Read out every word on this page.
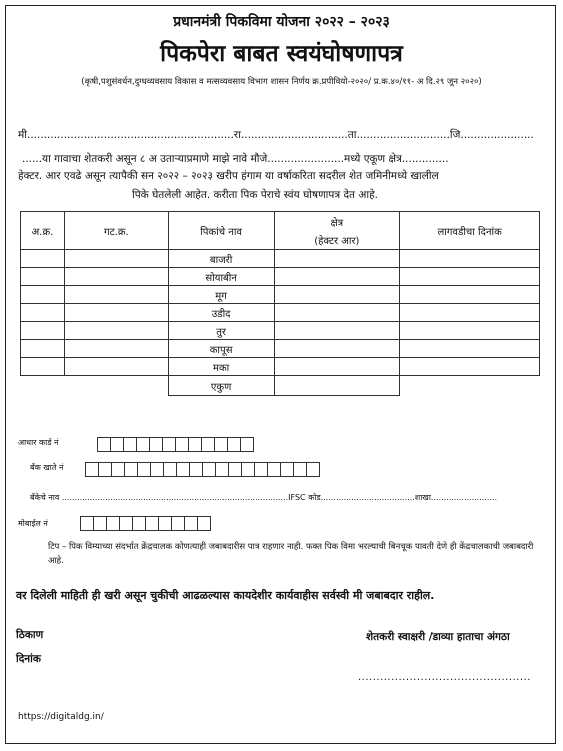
प्रधानमंत्री पिकविमा योजना २०२२ – २०२३
पिकपेरा बाबत स्वयंघोषणापत्र
(कृषी,पशुसंवर्धन,दुग्धव्यवसाय विकास व मत्सव्यवसाय विभाग शासन निर्णय क्र.प्रपीवियो-२०२०/ प्र.क.४०/११- अ दि.२९ जून २०२०)
मी..............................................................रा................................ता............................जि......................
......या गावाचा शेतकरी असून ८ अ उताऱ्याप्रमाणे माझे नावे मौजे.......................मध्ये एकूण क्षेत्र..............
हेक्टर. आर एवढे असून त्यापैकी सन २०२२ – २०२३ खरीप हंगाम या वर्षाकरिता सदरील शेत जमिनीमध्ये खालील
पिके घेतलेली आहेत. करीता पिक पेराचे स्वंय घोषणापत्र देत आहे.
अ.क्र.	गट.क्र.	पिकांचे नाव	क्षेत्र	लागवडीचा दिनांक
			(हेक्टर आर)	
		बाजरी		
		सोयाबीन		
		मूग		
		उडीद		
		तुर		
		कापूस		
		मका		
		एकुण		
आधार कार्ड नं
बँक खाते नं
बँकेचे नाव .........................................................................................IFSC कोड.....................................शाखा..........................
मोबाईल नं
टिप – पिक विम्याच्या संदर्भात क्रेंद्रचालक कोणत्याही जबाबदारीस पात्र राहणार नाही. फक्त पिक विमा भरल्याची बिनचूक पावती देणे ही केंद्रचालकाची जबाबदारी आहे.
वर दिलेली माहिती ही खरी असून चुकीची आढळल्यास कायदेशीर कार्यवाहीस सर्वस्वी मी जबाबदार राहील.
ठिकाण
दिनांक
शेतकरी स्वाक्षरी /डाव्या हाताचा अंगठा
...............................................
https://digitaldg.in/
